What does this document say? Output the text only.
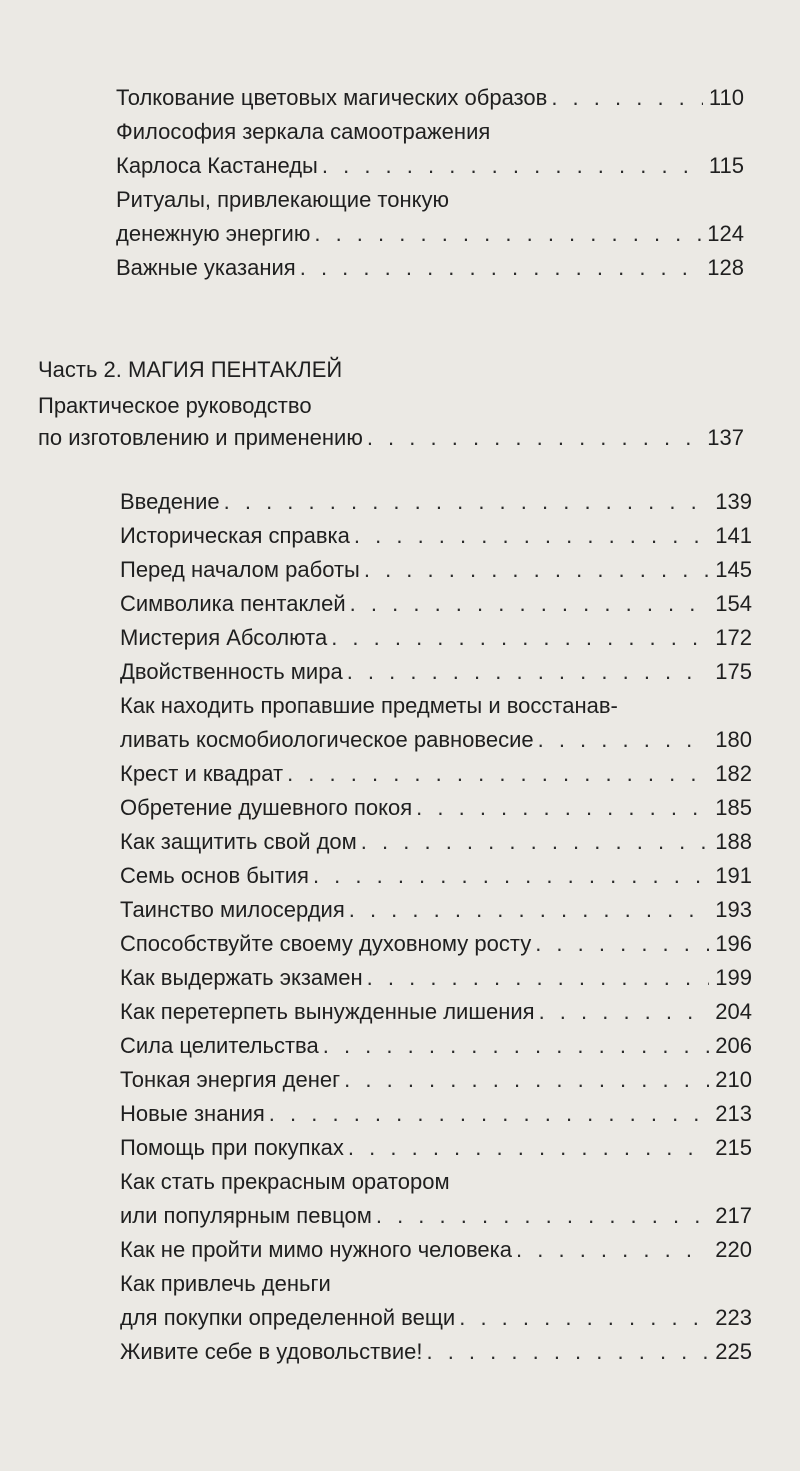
Толкование цветовых магических образов . . .	110
Философия зеркала самоотражения
Карлоса Кастанеды . . .	115
Ритуалы, привлекающие тонкую
денежную энергию . . .	124
Важные указания . . .	128
Часть 2. МАГИЯ ПЕНТАКЛЕЙ
Практическое руководство
по изготовлению и применению . . .	137
Введение . . .	139
Историческая справка . . .	141
Перед началом работы . . .	145
Символика пентаклей . . .	154
Мистерия Абсолюта . . .	172
Двойственность мира . . .	175
Как находить пропавшие предметы и восстанав-
ливать космобиологическое равновесие . . .	180
Крест и квадрат . . .	182
Обретение душевного покоя . . .	185
Как защитить свой дом . . .	188
Семь основ бытия . . .	191
Таинство милосердия . . .	193
Способствуйте своему духовному росту . . .	196
Как выдержать экзамен . . .	199
Как перетерпеть вынужденные лишения . . .	204
Сила целительства . . .	206
Тонкая энергия денег . . .	210
Новые знания . . .	213
Помощь при покупках . . .	215
Как стать прекрасным оратором
или популярным певцом . . .	217
Как не пройти мимо нужного человека . . .	220
Как привлечь деньги
для покупки определенной вещи . . .	223
Живите себе в удовольствие! . . .	225
